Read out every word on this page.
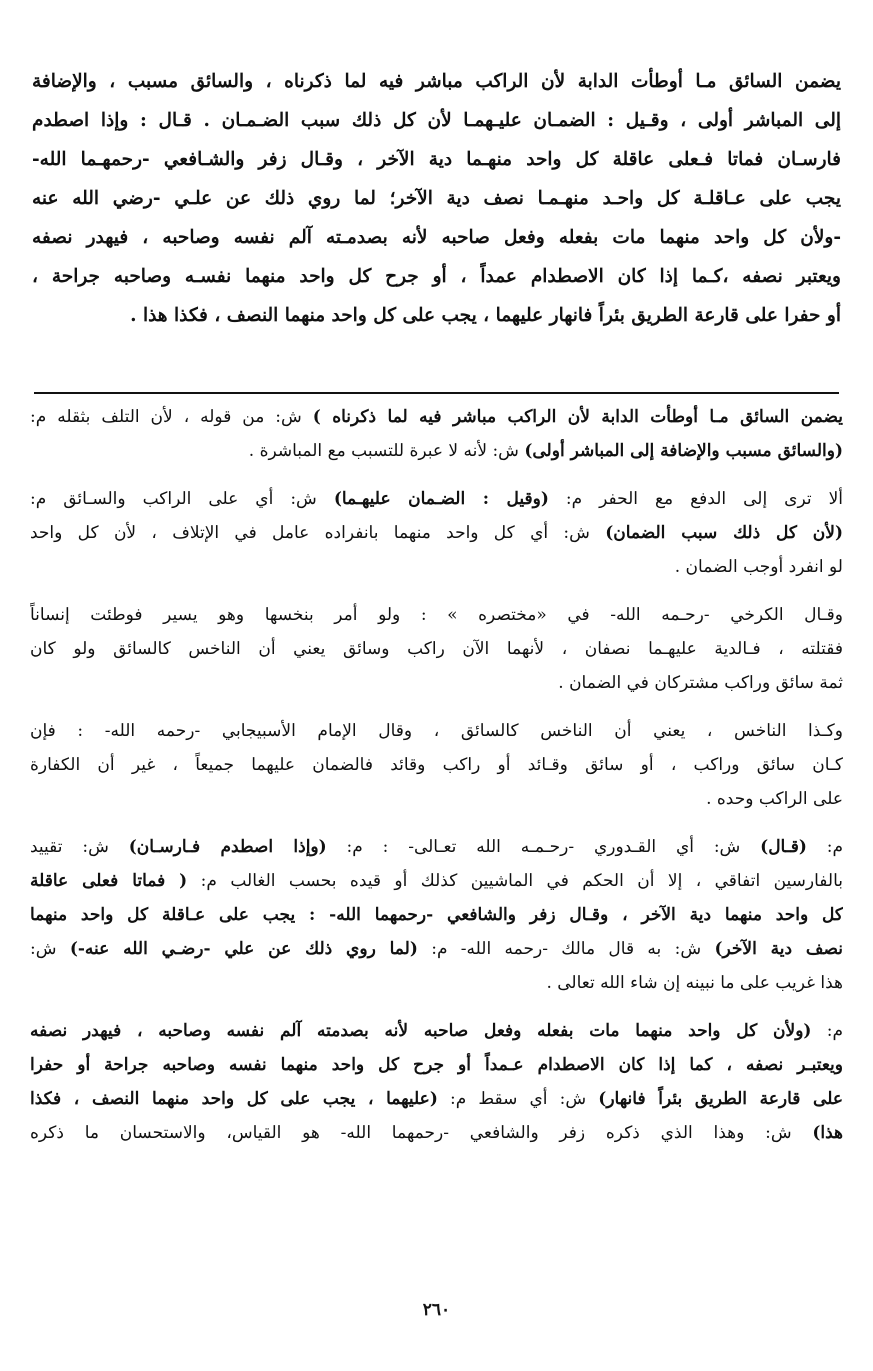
يضمن السائق مـا أوطأت الدابة لأن الراكب مباشر فيه لما ذكرناه ، والسائق مسبب ، والإضافة
إلى المباشر أولى ، وقـيل : الضمـان عليـهمـا لأن كل ذلك سبب الضـمـان . قـال : وإذا اصطدم
فارسـان فماتا فـعلى عاقلة كل واحد منهـما دية الآخر ، وقـال زفر والشـافعي -رحمهـما الله-
يجب على عـاقلـة كل واحـد منهـمـا نصف دية الآخر؛ لما روي ذلك عن علـي -رضي الله عنه
-ولأن كل واحد منهما مات بفعله وفعل صاحبه لأنه بصدمـته آلم نفسه وصاحبه ، فيهدر نصفه
ويعتبر نصفه ،كـما إذا كان الاصطدام عمداً ، أو جرح كل واحد منهما نفسـه وصاحبه جراحة ،
أو حفرا على قارعة الطريق بئراً فانهار عليهما ، يجب على كل واحد منهما النصف ، فكذا هذا .
يضمن السائق مـا أوطأت الدابة لأن الراكب مباشر فيه لما ذكرناه ) ش: من قوله ، لأن التلف بثقله م:
(والسائق مسبب والإضافة إلى المباشر أولى) ش: لأنه لا عبرة للتسبب مع المباشرة .
ألا ترى إلى الدفع مع الحفر م: (وقيل : الضـمان عليهـما) ش: أي على الراكب والسـائق م:
(لأن كل ذلك سبب الضمان) ش: أي كل واحد منهما بانفراده عامل في الإتلاف ، لأن كل واحد
لو انفرد أوجب الضمان .
وقـال الكرخي -رحـمه الله- في «مختصره » : ولو أمر بنخسها وهو يسير فوطئت إنساناً
فقتلته ، فـالدية عليهـما نصفان ، لأنهما الآن راكب وسائق يعني أن الناخس كالسائق ولو كان
ثمة سائق وراكب مشتركان في الضمان .
وكـذا الناخس ، يعني أن الناخس كالسائق ، وقال الإمام الأسبيجابي -رحمه الله- : فإن
كـان سائق وراكب ، أو سائق وقـائد أو راكب وقائد فالضمان عليهما جميعاً ، غير أن الكفارة
على الراكب وحده .
م: (قـال) ش: أي القـدوري -رحـمـه الله تعـالى- : م: (وإذا اصطدم فـارسـان) ش: تقييد
بالفارسين اتفاقي ، إلا أن الحكم في الماشيين كذلك أو قيده بحسب الغالب م: ( فماتا فعلى عاقلة
كل واحد منهما دية الآخر ، وقـال زفر والشافعي -رحمهما الله- : يجب على عـاقلة كل واحد منهما
نصف دية الآخر) ش: به قال مالك -رحمه الله- م: (لما روي ذلك عن علي -رضـي الله عنه-) ش:
هذا غريب على ما نبينه إن شاء الله تعالى .
م: (ولأن كل واحد منهما مات بفعله وفعل صاحبه لأنه بصدمته آلم نفسه وصاحبه ، فيهدر نصفه
ويعتبـر نصفه ، كما إذا كان الاصطدام عـمداً أو جرح كل واحد منهما نفسه وصاحبه جراحة أو حفرا
على قارعة الطريق بئراً فانهار) ش: أي سقط م: (عليهما ، يجب على كل واحد منهما النصف ، فكذا
هذا) ش: وهذا الذي ذكره زفر والشافعي -رحمهما الله- هو القياس، والاستحسان ما ذكره
٢٦٠
